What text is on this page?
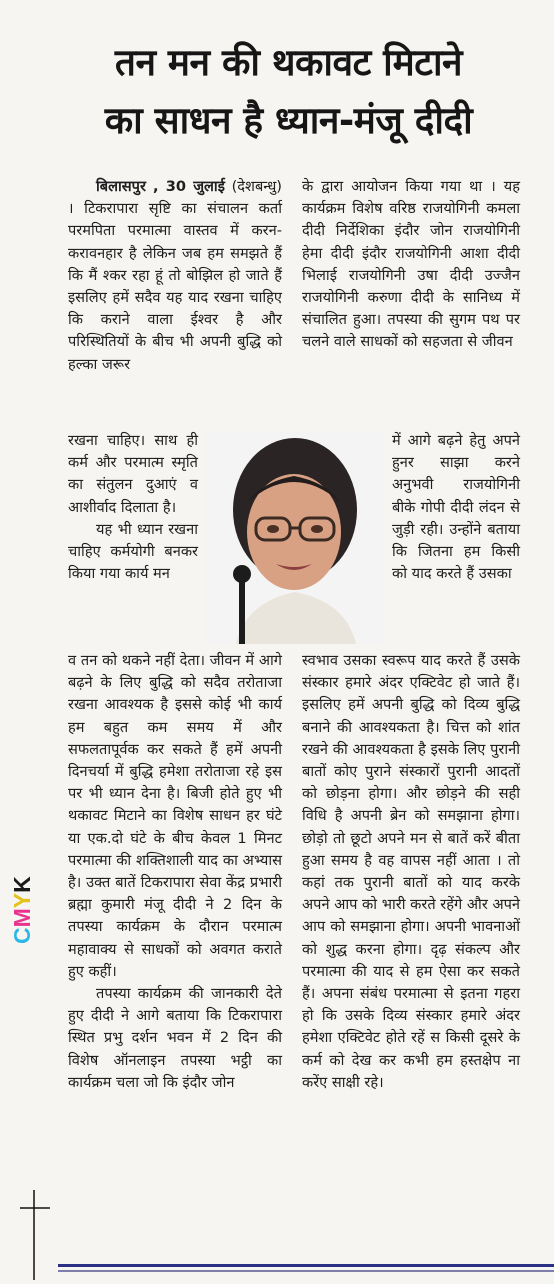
तन मन की थकावट मिटाने
का साधन है ध्यान-मंजू दीदी

बिलासपुर , 30 जुलाई (देशबन्धु) । टिकरापारा सृष्टि का संचालन कर्ता परमपिता परमात्मा वास्तव में करन-करावनहार है लेकिन जब हम समझते हैं कि मैं श्कर रहा हूं तो बोझिल हो जाते हैं इसलिए हमें सदैव यह याद रखना चाहिए कि कराने वाला ईश्वर है और परिस्थितियों के बीच भी अपनी बुद्धि को हल्का जरूर

रखना चाहिए। साथ ही कर्म और परमात्म स्मृति का संतुलन दुआएं व आशीर्वाद दिलाता है।

यह भी ध्यान रखना चाहिए कर्मयोगी बनकर किया गया कार्य मन

व तन को थकने नहीं देता। जीवन में आगे बढ़ने के लिए बुद्धि को सदैव तरोताजा रखना आवश्यक है इससे कोई भी कार्य हम बहुत कम समय में और सफलतापूर्वक कर सकते हैं हमें अपनी दिनचर्या में बुद्धि हमेशा तरोताजा रहे इस पर भी ध्यान देना है। बिजी होते हुए भी थकावट मिटाने का विशेष साधन हर घंटे या एक.दो घंटे के बीच केवल 1 मिनट परमात्मा की शक्तिशाली याद का अभ्यास है। उक्त बातें टिकरापारा सेवा केंद्र प्रभारी ब्रह्मा कुमारी मंजू दीदी ने 2 दिन के तपस्या कार्यक्रम के दौरान परमात्म महावाक्य से साधकों को अवगत कराते हुए कहीं।

तपस्या कार्यक्रम की जानकारी देते हुए दीदी ने आगे बताया कि टिकरापारा स्थित प्रभु दर्शन भवन में 2 दिन की विशेष ऑनलाइन तपस्या भट्ठी का कार्यक्रम चला जो कि इंदौर जोन

के द्वारा आयोजन किया गया था । यह कार्यक्रम विशेष वरिष्ठ राजयोगिनी कमला दीदी निर्देशिका इंदौर जोन राजयोगिनी हेमा दीदी इंदौर राजयोगिनी आशा दीदी भिलाई राजयोगिनी उषा दीदी उज्जैन राजयोगिनी करुणा दीदी के सानिध्य में संचालित हुआ। तपस्या की सुगम पथ पर चलने वाले साधकों को सहजता से जीवन

में आगे बढ़ने हेतु अपने हुनर साझा करने अनुभवी राजयोगिनी बीके गोपी दीदी लंदन से जुड़ी रही। उन्होंने बताया कि जितना हम किसी को याद करते हैं उसका

स्वभाव उसका स्वरूप याद करते हैं उसके संस्कार हमारे अंदर एक्टिवेट हो जाते हैं। इसलिए हमें अपनी बुद्धि को दिव्य बुद्धि बनाने की आवश्यकता है। चित्त को शांत रखने की आवश्यकता है इसके लिए पुरानी बातों कोए पुराने संस्कारों पुरानी आदतों को छोड़ना होगा। और छोड़ने की सही विधि है अपनी ब्रेन को समझाना होगा। छोड़ो तो छूटो अपने मन से बातें करें बीता हुआ समय है वह वापस नहीं आता । तो कहां तक पुरानी बातों को याद करके अपने आप को भारी करते रहेंगे और अपने आप को समझाना होगा। अपनी भावनाओं को शुद्ध करना होगा। दृढ़ संकल्प और परमात्मा की याद से हम ऐसा कर सकते हैं। अपना संबंध परमात्मा से इतना गहरा हो कि उसके दिव्य संस्कार हमारे अंदर हमेशा एक्टिवेट होते रहें स किसी दूसरे के कर्म को देख कर कभी हम हस्तक्षेप ना करेंए साक्षी रहे।

CMYK
